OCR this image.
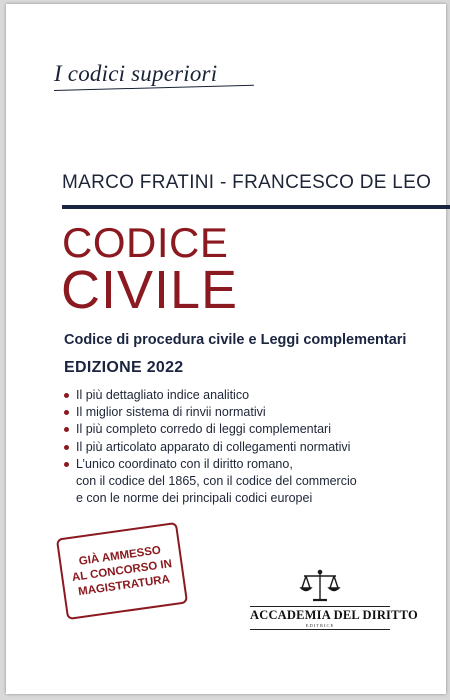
I codici superiori
MARCO FRATINI - FRANCESCO DE LEO
CODICE
CIVILE
Codice di procedura civile e Leggi complementari
EDIZIONE 2022
Il più dettagliato indice analitico
Il miglior sistema di rinvii normativi
Il più completo corredo di leggi complementari
Il più articolato apparato di collegamenti normativi
L’unico coordinato con il diritto romano,
con il codice del 1865, con il codice del commercio
e con le norme dei principali codici europei
GIÀ AMMESSO
AL CONCORSO IN
MAGISTRATURA
ACCADEMIA DEL DIRITTO
EDITRICE
